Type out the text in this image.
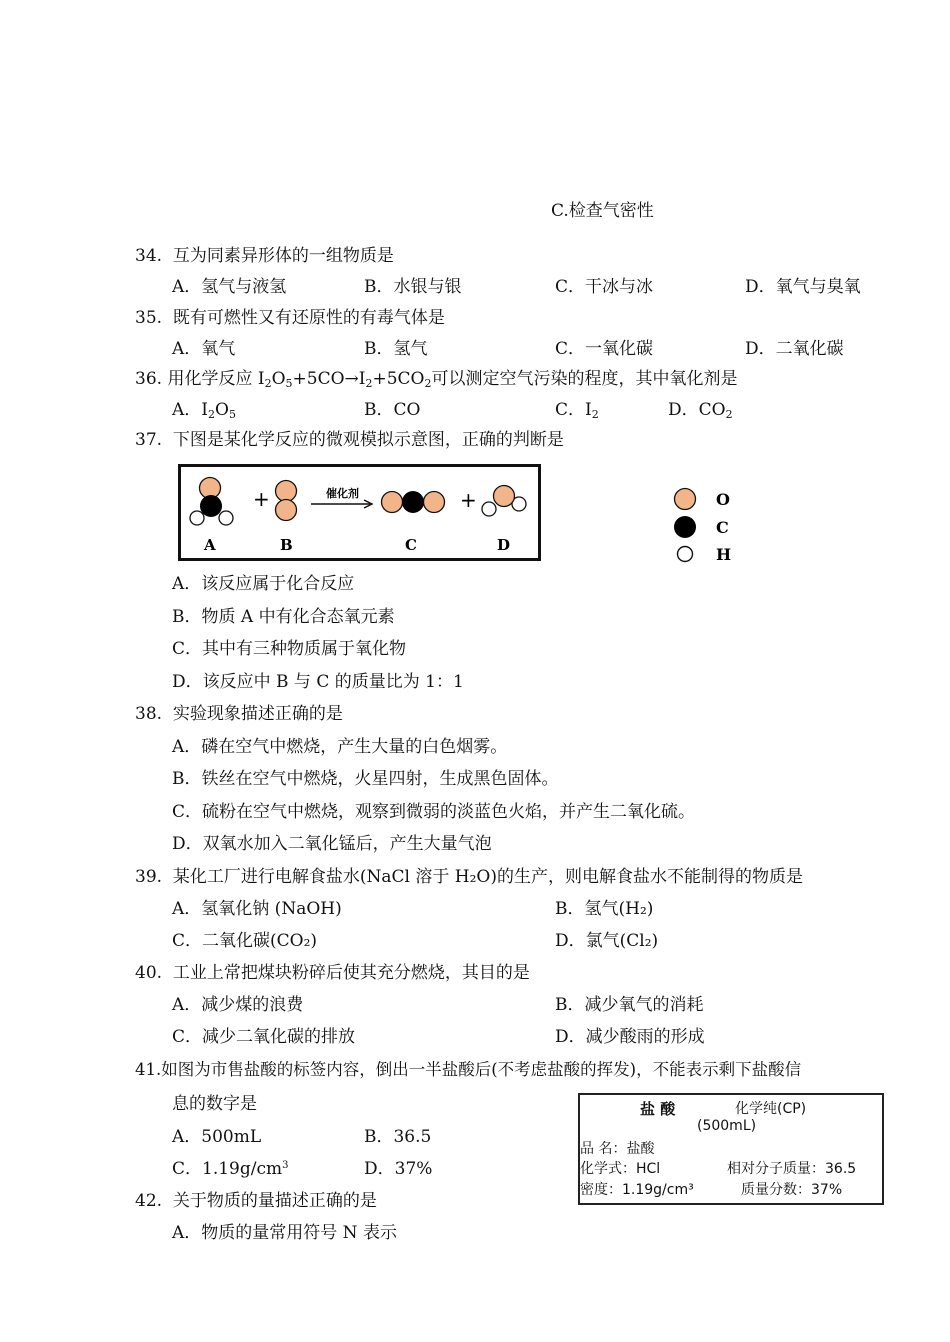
C.检查气密性
34. 互为同素异形体的一组物质是
A．氢气与液氢	B．水银与银	C．干冰与冰	D．氧气与臭氧
35. 既有可燃性又有还原性的有毒气体是
A．氧气	B．氢气	C．一氧化碳	D．二氧化碳
36. 用化学反应 $I_2O_5+5CO\to I_2+5CO_2$可以测定空气污染的程度，其中氧化剂是
A．$I_2O_5$	B．CO	C．$I_2$	D．$CO_2$
37. 下图是某化学反应的微观模拟示意图，正确的判断是
+	催化剂	+
A	B	C	D
O
C
H
A．该反应属于化合反应
B．物质 A 中有化合态氧元素
C．其中有三种物质属于氧化物
D．该反应中 B 与 C 的质量比为 1：1
38. 实验现象描述正确的是
A．磷在空气中燃烧，产生大量的白色烟雾。
B．铁丝在空气中燃烧，火星四射，生成黑色固体。
C．硫粉在空气中燃烧，观察到微弱的淡蓝色火焰，并产生二氧化硫。
D．双氧水加入二氧化锰后，产生大量气泡
39. 某化工厂进行电解食盐水(NaCl 溶于 H₂O)的生产，则电解食盐水不能制得的物质是
A．氢氧化钠 (NaOH)	B．氢气(H₂)
C．二氧化碳(CO₂)	D．氯气(Cl₂)
40. 工业上常把煤块粉碎后使其充分燃烧，其目的是
A．减少煤的浪费	B．减少氧气的消耗
C．减少二氧化碳的排放	D．减少酸雨的形成
41.如图为市售盐酸的标签内容，倒出一半盐酸后(不考虑盐酸的挥发)，不能表示剩下盐酸信
息的数字是
A．500mL	B．36.5
C．$1.19g/cm^3$	D．37%
盐 酸	化学纯(CP)
(500mL)
品 名：盐酸
化学式：HCl	相对分子质量：36.5
密度：1.19g/cm³	质量分数：37%
42. 关于物质的量描述正确的是
A．物质的量常用符号 N 表示
